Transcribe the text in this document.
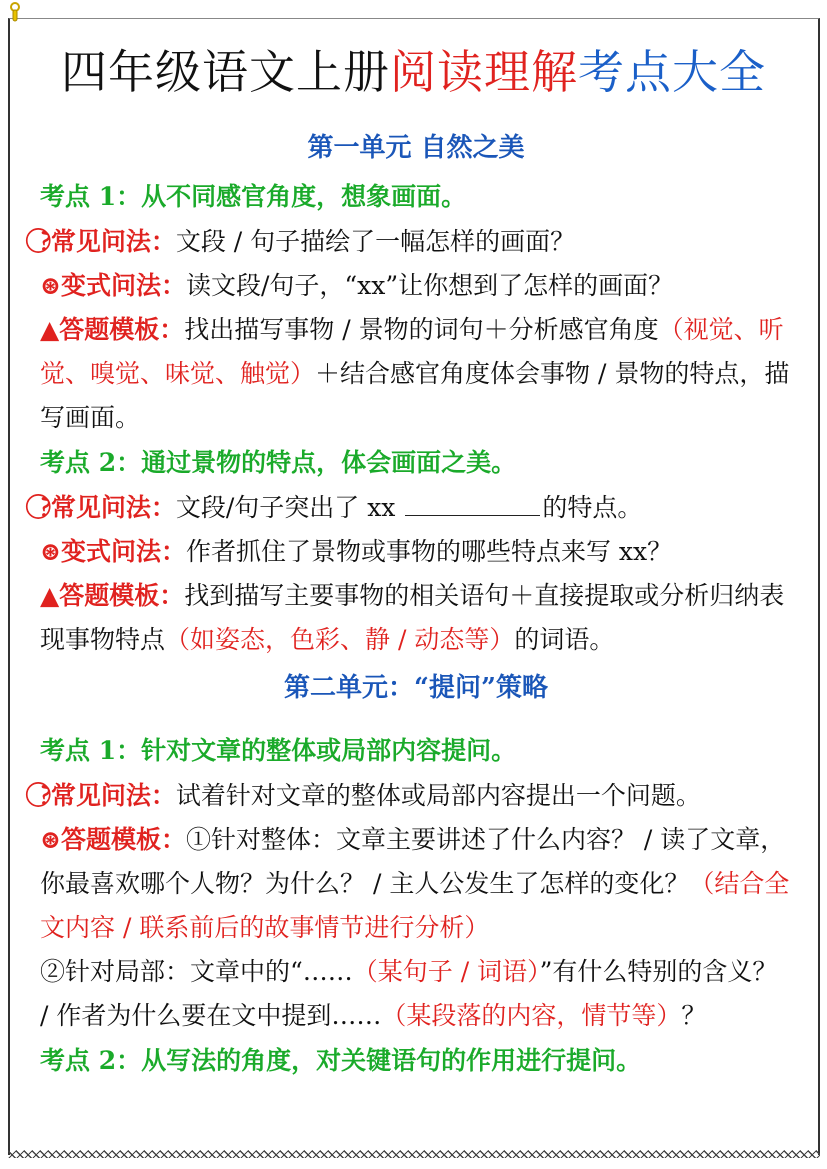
四年级语文上册阅读理解考点大全
第一单元 自然之美
考点 1：从不同感官角度，想象画面。

?⃝常见问法：文段 / 句子描绘了一幅怎样的画面？

⊛变式问法：读文段/句子，“xx”让你想到了怎样的画面？

▲答题模板：找出描写事物 / 景物的词句＋分析感官角度（视觉、听觉、嗅觉、味觉、触觉）＋结合感官角度体会事物 / 景物的特点，描写画面。

考点 2：通过景物的特点，体会画面之美。

?⃝常见问法：文段/句子突出了 xx	的特点。

⊛变式问法：作者抓住了景物或事物的哪些特点来写 xx？

▲答题模板：找到描写主要事物的相关语句＋直接提取或分析归纳表现事物特点（如姿态，色彩、静 / 动态等）的词语。

第二单元：“提问”策略
考点 1：针对文章的整体或局部内容提问。

?⃝常见问法：试着针对文章的整体或局部内容提出一个问题。

⊛答题模板：①针对整体：文章主要讲述了什么内容？ / 读了文章，你最喜欢哪个人物？为什么？ / 主人公发生了怎样的变化？（结合全文内容 / 联系前后的故事情节进行分析）

②针对局部：文章中的“……（某句子 / 词语）”有什么特别的含义？ / 作者为什么要在文中提到……（某段落的内容，情节等）？

考点 2：从写法的角度，对关键语句的作用进行提问。
